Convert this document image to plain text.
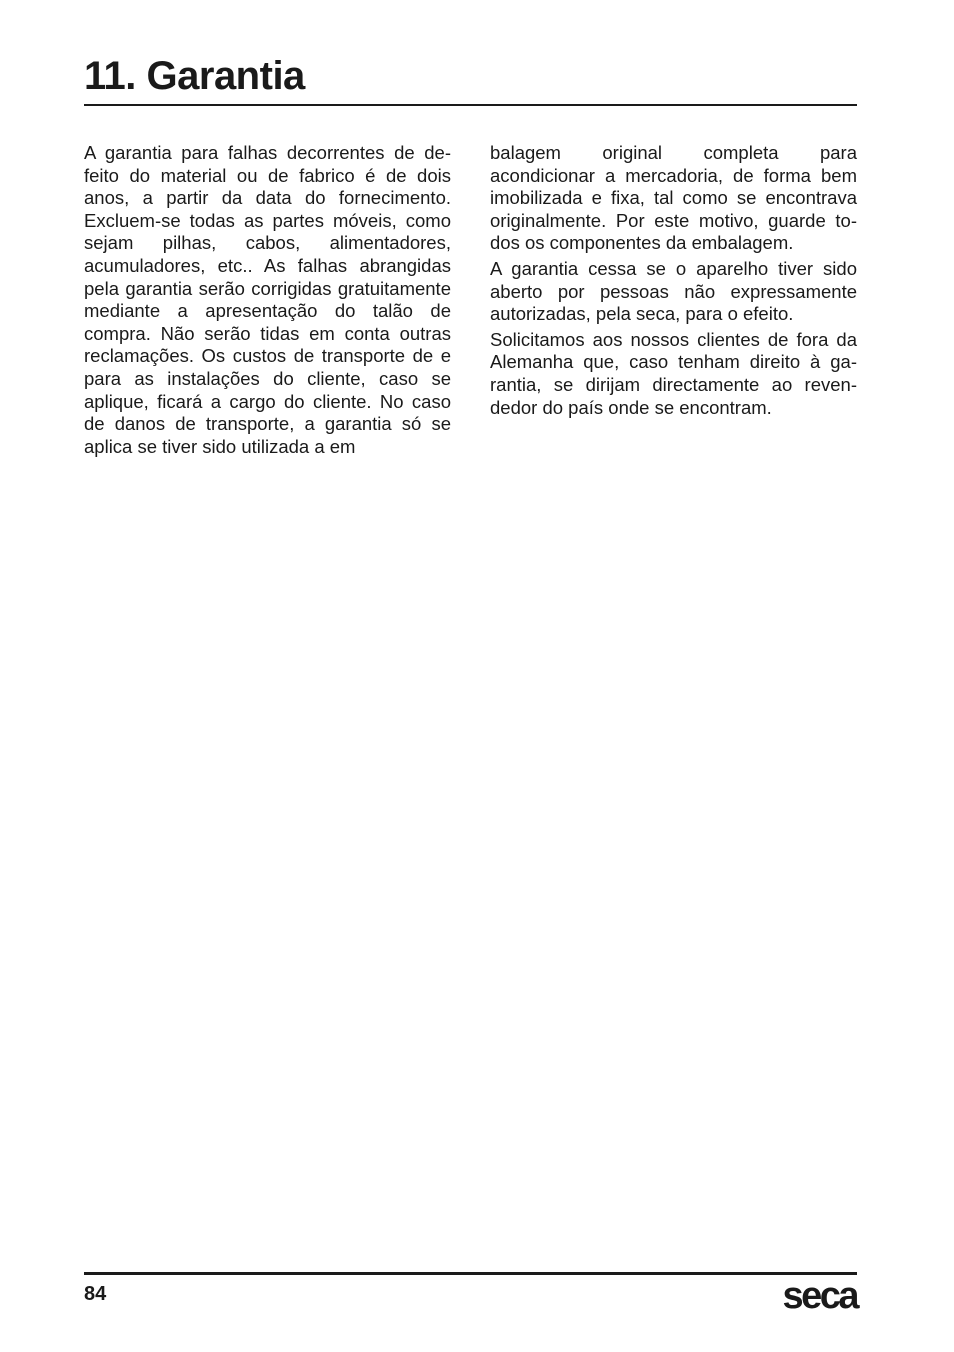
11. Garantia

A garantia para falhas decorrentes de defeito do material ou de fabrico é de dois anos, a partir da data do fornecimento. Excluem-se todas as partes móveis, como sejam pilhas, cabos, alimentadores, acumuladores, etc.. As falhas abrangidas pela garantia serão corrigidas gratuitamente mediante a apresentação do talão de compra. Não serão tidas em conta outras reclamações. Os custos de transporte de e para as instalações do cliente, caso se aplique, ficará a cargo do cliente. No caso de danos de transporte, a garantia só se aplica se tiver sido utilizada a em

balagem original completa para acondicionar a mercadoria, de forma bem imobilizada e fixa, tal como se encontrava originalmente. Por este motivo, guarde todos os componentes da embalagem.

A garantia cessa se o aparelho tiver sido aberto por pessoas não expressamente autorizadas, pela seca, para o efeito.

Solicitamos aos nossos clientes de fora da Alemanha que, caso tenham direito à garantia, se dirijam directamente ao revendedor do país onde se encontram.

84	seca
